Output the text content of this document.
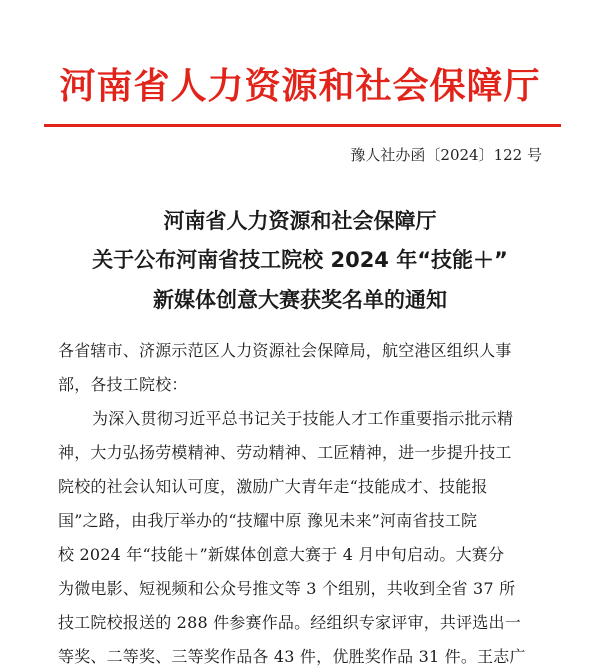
河南省人力资源和社会保障厅
豫人社办函〔2024〕122 号
河南省人力资源和社会保障厅
关于公布河南省技工院校 2024 年“技能＋”
新媒体创意大赛获奖名单的通知
各省辖市、济源示范区人力资源社会保障局，航空港区组织人事
部，各技工院校：
为深入贯彻习近平总书记关于技能人才工作重要指示批示精
神，大力弘扬劳模精神、劳动精神、工匠精神，进一步提升技工
院校的社会认知认可度，激励广大青年走“技能成才、技能报
国”之路，由我厅举办的“技耀中原 豫见未来”河南省技工院
校 2024 年“技能＋”新媒体创意大赛于 4 月中旬启动。大赛分
为微电影、短视频和公众号推文等 3 个组别，共收到全省 37 所
技工院校报送的 288 件参赛作品。经组织专家评审，共评选出一
等奖、二等奖、三等奖作品各 43 件，优胜奖作品 31 件。王志广
